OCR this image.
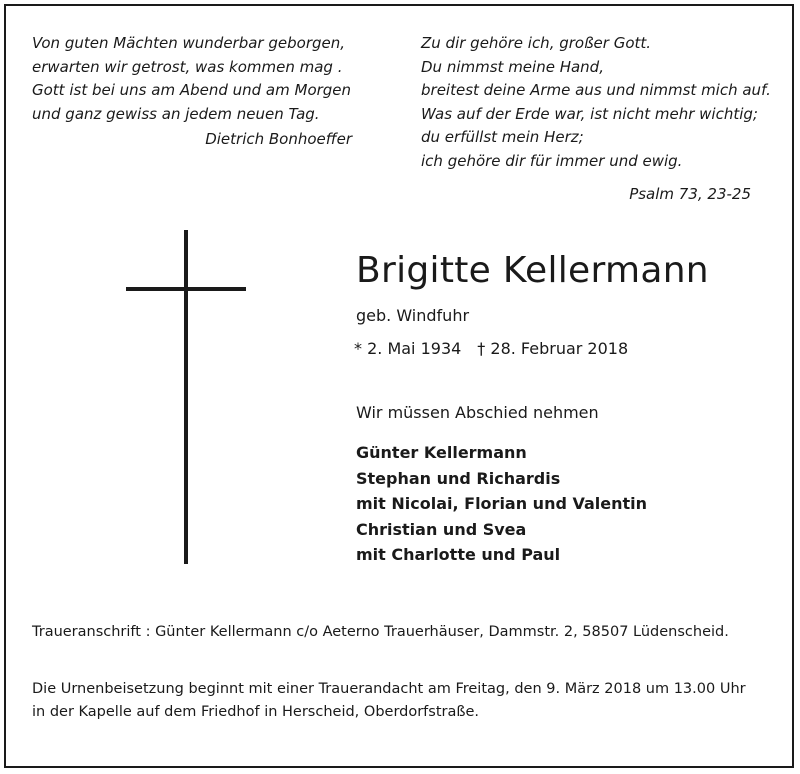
Von guten Mächten wunderbar geborgen,
erwarten wir getrost, was kommen mag .
Gott ist bei uns am Abend und am Morgen
und ganz gewiss an jedem neuen Tag.
Dietrich Bonhoeffer
Zu dir gehöre ich, großer Gott.
Du nimmst meine Hand,
breitest deine Arme aus und nimmst mich auf.
Was auf der Erde war, ist nicht mehr wichtig;
du erfüllst mein Herz;
ich gehöre dir für immer und ewig.
Psalm 73, 23-25
Brigitte Kellermann
geb. Windfuhr
* 2. Mai 1934 † 28. Februar 2018
Wir müssen Abschied nehmen
Günter Kellermann
Stephan und Richardis
mit Nicolai, Florian und Valentin
Christian und Svea
mit Charlotte und Paul
Traueranschrift : Günter Kellermann c/o Aeterno Trauerhäuser, Dammstr. 2, 58507 Lüdenscheid.
Die Urnenbeisetzung beginnt mit einer Trauerandacht am Freitag, den 9. März 2018 um 13.00 Uhr
in der Kapelle auf dem Friedhof in Herscheid, Oberdorfstraße.
